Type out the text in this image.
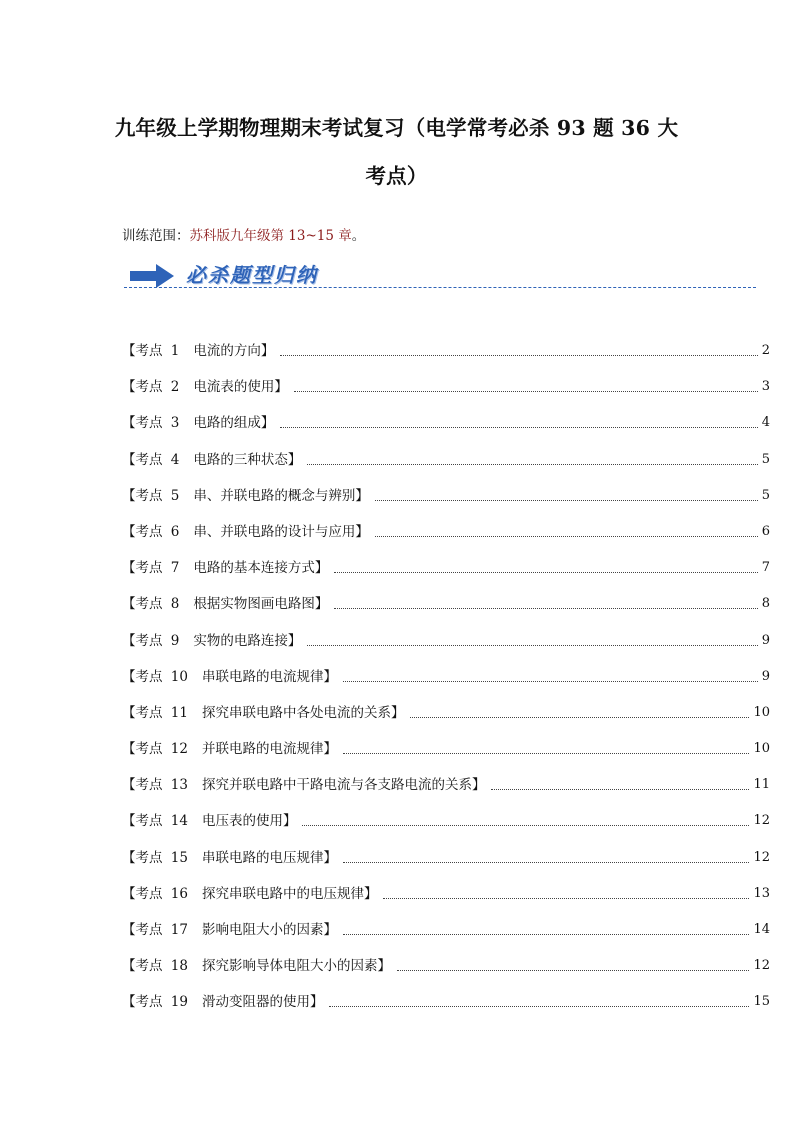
九年级上学期物理期末考试复习（电学常考必杀 93 题 36 大
考点）
训练范围：苏科版九年级第 13~15 章。
必杀题型归纳
【考点 1 电流的方向】	2
【考点 2 电流表的使用】	3
【考点 3 电路的组成】	4
【考点 4 电路的三种状态】	5
【考点 5 串、并联电路的概念与辨别】	5
【考点 6 串、并联电路的设计与应用】	6
【考点 7 电路的基本连接方式】	7
【考点 8 根据实物图画电路图】	8
【考点 9 实物的电路连接】	9
【考点 10 串联电路的电流规律】	9
【考点 11 探究串联电路中各处电流的关系】	10
【考点 12 并联电路的电流规律】	10
【考点 13 探究并联电路中干路电流与各支路电流的关系】	11
【考点 14 电压表的使用】	12
【考点 15 串联电路的电压规律】	12
【考点 16 探究串联电路中的电压规律】	13
【考点 17 影响电阻大小的因素】	14
【考点 18 探究影响导体电阻大小的因素】	12
【考点 19 滑动变阻器的使用】	15
